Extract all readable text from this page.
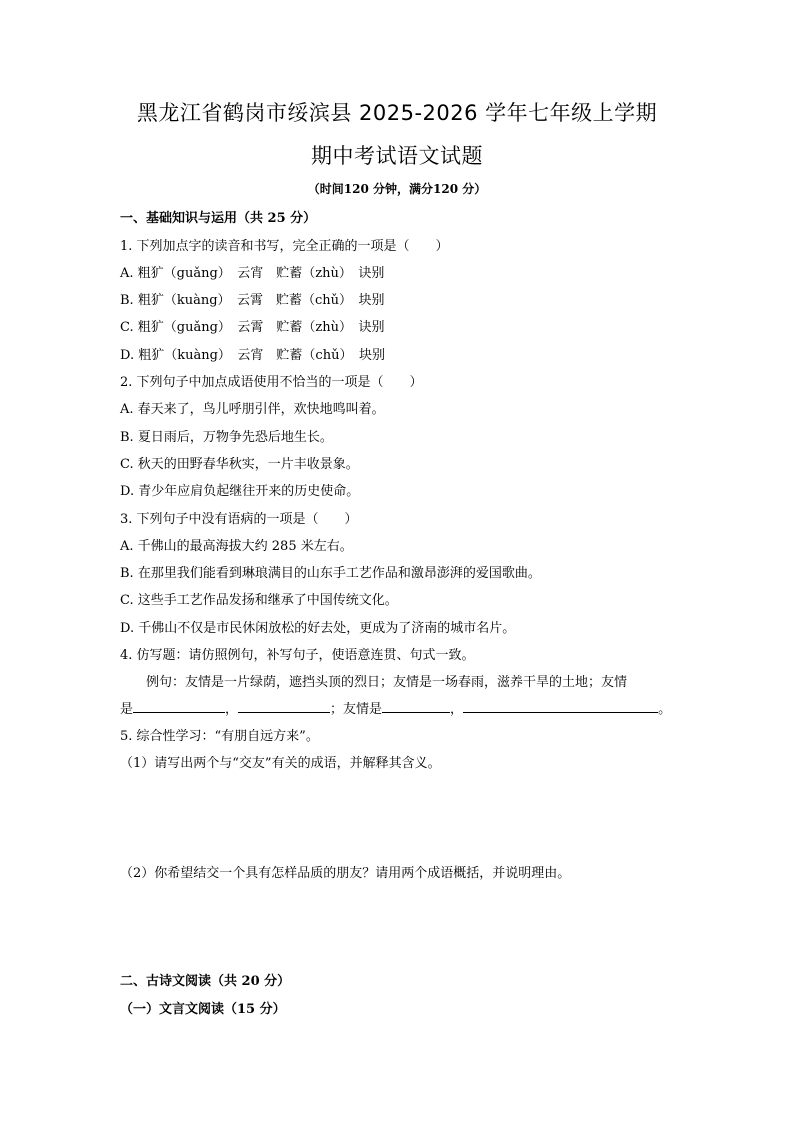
黑龙江省鹤岗市绥滨县 2025-2026 学年七年级上学期
期中考试语文试题
（时间120 分钟，满分120 分）
一、基础知识与运用（共 25 分）
1. 下列加点字的读音和书写，完全正确的一项是（　　）
A. 粗犷（guǎng）　云宵　贮蓄（zhù）　诀别
B. 粗犷（kuàng）　云霄　贮蓄（chǔ）　块别
C. 粗犷（guǎng）　云霄　贮蓄（zhù）　诀别
D. 粗犷（kuàng）　云宵　贮蓄（chǔ）　块别
2. 下列句子中加点成语使用不恰当的一项是（　　）
A. 春天来了，鸟儿呼朋引伴，欢快地鸣叫着。
B. 夏日雨后，万物争先恐后地生长。
C. 秋天的田野春华秋实，一片丰收景象。
D. 青少年应肩负起继往开来的历史使命。
3. 下列句子中没有语病的一项是（　　）
A. 千佛山的最高海拔大约 285 米左右。
B. 在那里我们能看到琳琅满目的山东手工艺作品和激昂澎湃的爱国歌曲。
C. 这些手工艺作品发扬和继承了中国传统文化。
D. 千佛山不仅是市民休闲放松的好去处，更成为了济南的城市名片。
4. 仿写题：请仿照例句，补写句子，使语意连贯、句式一致。
例句：友情是一片绿荫，遮挡头顶的烈日；友情是一场春雨，滋养干旱的土地；友情
是	，	；友情是	，	。
5. 综合性学习：“有朋自远方来”。
（1）请写出两个与“交友”有关的成语，并解释其含义。
（2）你希望结交一个具有怎样品质的朋友？请用两个成语概括，并说明理由。
二、古诗文阅读（共 20 分）
（一）文言文阅读（15 分）
